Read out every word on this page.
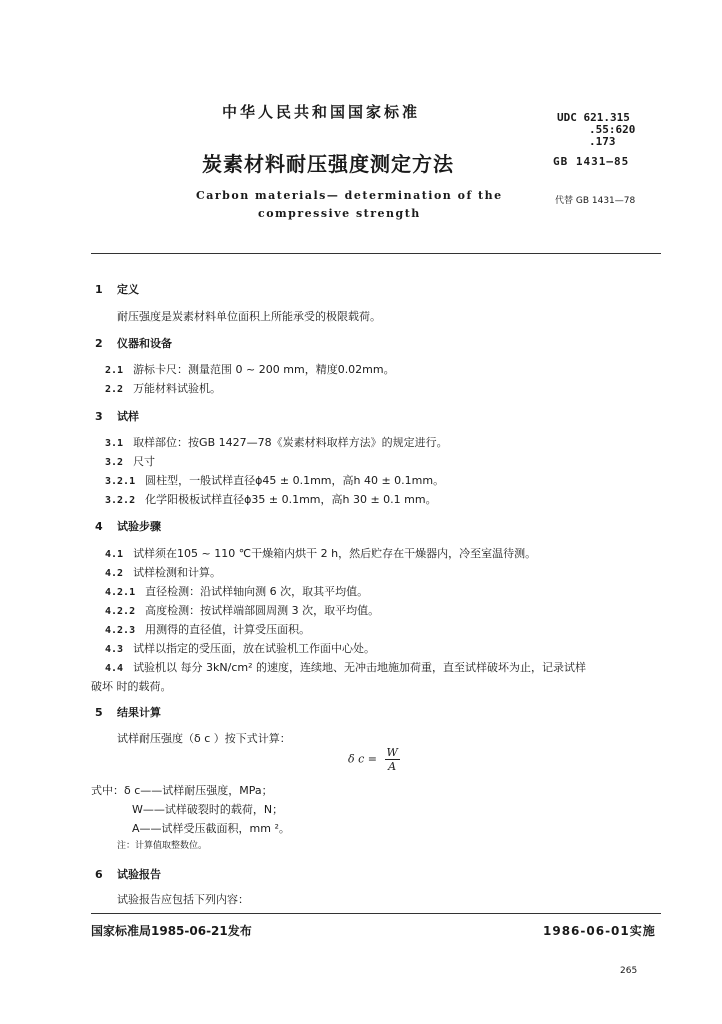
中华人民共和国国家标准	UDC 621.315
.55:620
.173
炭素材料耐压强度测定方法	GB 1431—85
Carbon materials— determination of the
compressive strength
代替 GB 1431—78
1 定义
耐压强度是炭素材料单位面积上所能承受的极限载荷。
2 仪器和设备
2.1 游标卡尺：测量范围 0 ~ 200 mm，精度0.02mm。
2.2 万能材料试验机。
3 试样
3.1 取样部位：按GB 1427—78《炭素材料取样方法》的规定进行。
3.2 尺寸
3.2.1 圆柱型，一般试样直径ϕ45 ± 0.1mm，高h 40 ± 0.1mm。
3.2.2 化学阳极板试样直径ϕ35 ± 0.1mm，高h 30 ± 0.1 mm。
4 试验步骤
4.1 试样须在105 ~ 110 ℃干燥箱内烘干 2 h，然后贮存在干燥器内，冷至室温待测。
4.2 试样检测和计算。
4.2.1 直径检测：沿试样轴向测 6 次，取其平均值。
4.2.2 高度检测：按试样端部圆周测 3 次，取平均值。
4.2.3 用测得的直径值，计算受压面积。
4.3 试样以指定的受压面，放在试验机工作面中心处。
4.4 试验机以 每分 3kN/cm² 的速度，连续地、无冲击地施加荷重，直至试样破坏为止，记录试样
破坏 时的载荷。
5 结果计算
试样耐压强度（δ c ）按下式计算：
δ $c = \frac{W}{A}$
式中：δ c——试样耐压强度，MPa；
W——试样破裂时的载荷，N；
A——试样受压截面积，mm ²。
注：计算值取整数位。
6 试验报告
试验报告应包括下列内容：
国家标准局1985-06-21发布	1986-06-01实施
265
